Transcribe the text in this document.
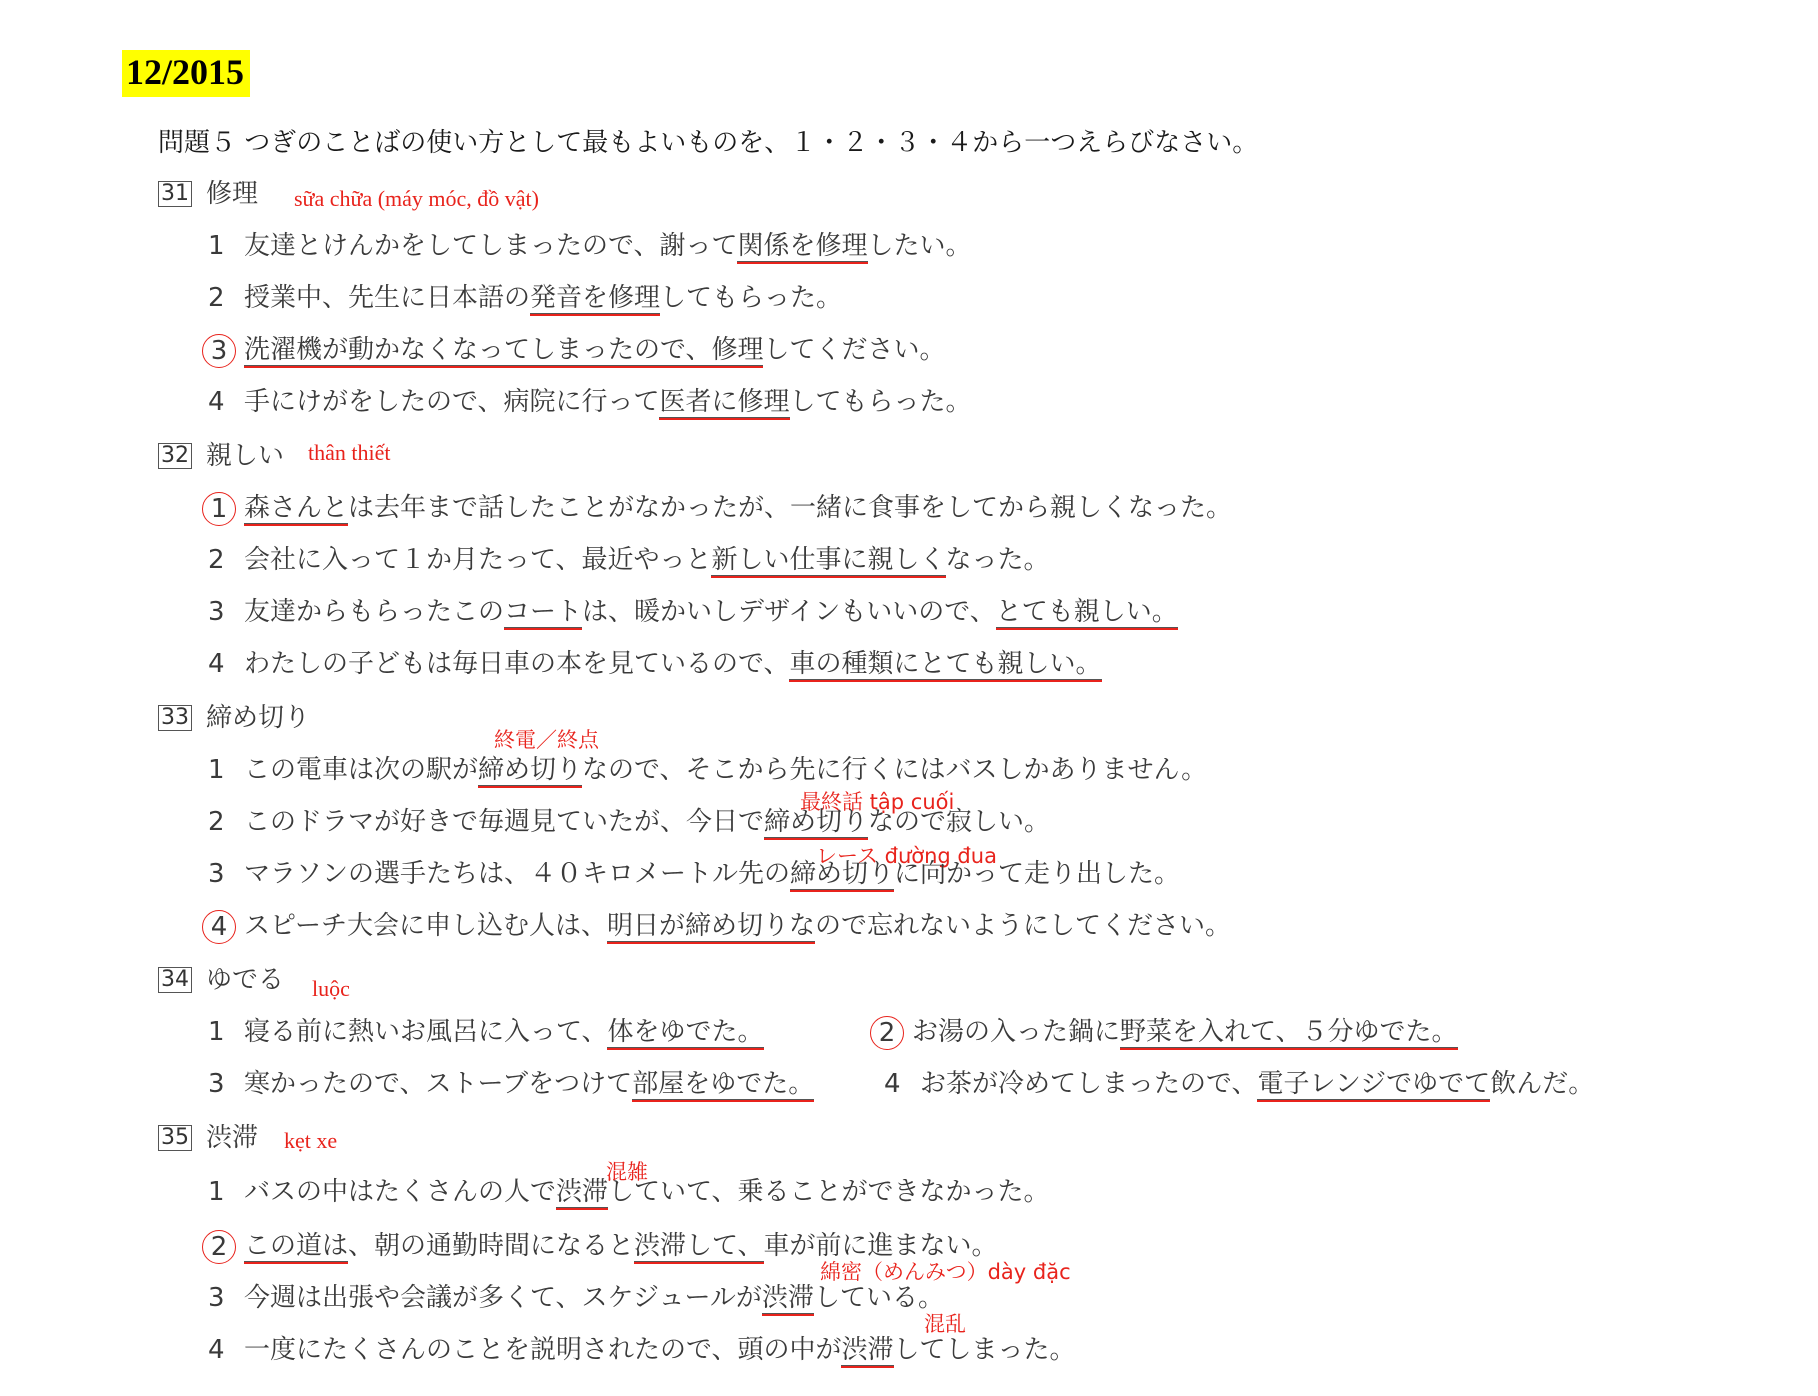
12/2015
問題５ つぎのことばの使い方として最もよいものを、１・２・３・４から一つえらびなさい。
31 修理 sữa chữa (máy móc, đồ vật)
1 友達とけんかをしてしまったので、謝って関係を修理したい。
2 授業中、先生に日本語の発音を修理してもらった。
3 洗濯機が動かなくなってしまったので、修理してください。
4 手にけがをしたので、病院に行って医者に修理してもらった。
32 親しい thân thiết
1 森さんとは去年まで話したことがなかったが、一緒に食事をしてから親しくなった。
2 会社に入って１か月たって、最近やっと新しい仕事に親しくなった。
3 友達からもらったこのコートは、暖かいしデザインもいいので、とても親しい。
4 わたしの子どもは毎日車の本を見ているので、車の種類にとても親しい。
33 締め切り
終電／終点
1 この電車は次の駅が締め切りなので、そこから先に行くにはバスしかありません。
最終話 tập cuối
2 このドラマが好きで毎週見ていたが、今日で締め切りなので寂しい。
レース đường đua
3 マラソンの選手たちは、４０キロメートル先の締め切りに向かって走り出した。
4 スピーチ大会に申し込む人は、明日が締め切りなので忘れないようにしてください。
34 ゆでる luộc
1 寝る前に熱いお風呂に入って、体をゆでた。	2 お湯の入った鍋に野菜を入れて、５分ゆでた。
3 寒かったので、ストーブをつけて部屋をゆでた。	4 お茶が冷めてしまったので、電子レンジでゆでて飲んだ。
35 渋滞 kẹt xe
混雑
1 バスの中はたくさんの人で渋滞していて、乗ることができなかった。
2 この道は、朝の通勤時間になると渋滞して、車が前に進まない。
綿密（めんみつ）dày đặc
3 今週は出張や会議が多くて、スケジュールが渋滞している。
混乱
4 一度にたくさんのことを説明されたので、頭の中が渋滞してしまった。
